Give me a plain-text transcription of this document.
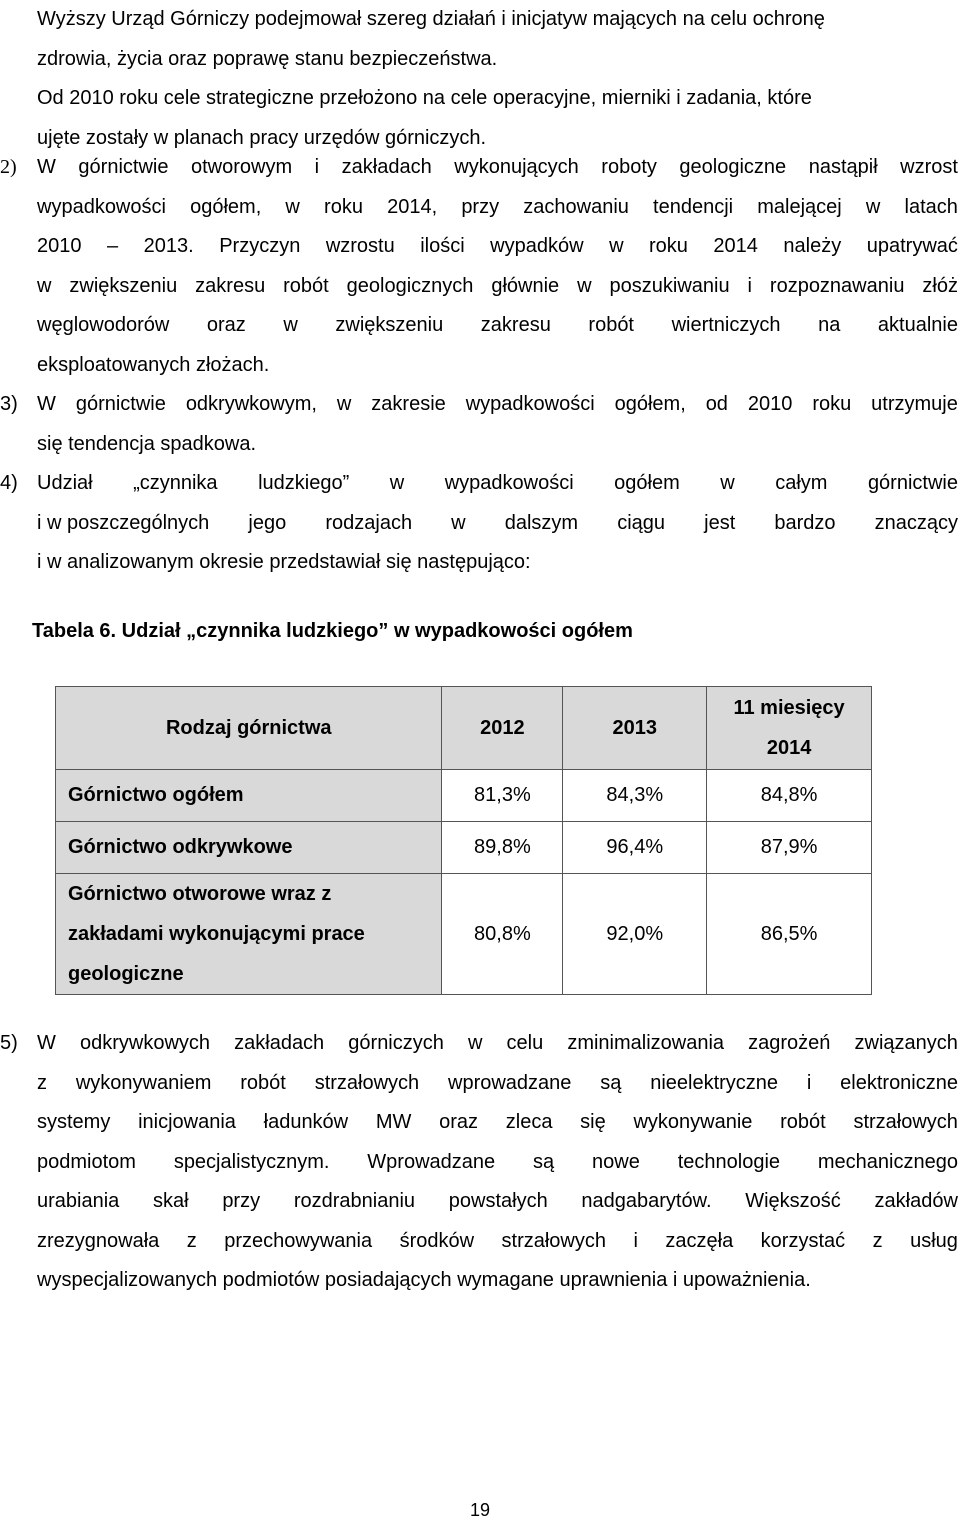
Wyższy Urząd Górniczy podejmował szereg działań i inicjatyw mających na celu ochronę
zdrowia, życia oraz poprawę stanu bezpieczeństwa.
Od 2010 roku cele strategiczne przełożono na cele operacyjne, mierniki i zadania, które
ujęte zostały w planach pracy urzędów górniczych.
2)	W górnictwie otworowym i zakładach wykonujących roboty geologiczne nastąpił wzrost
wypadkowości ogółem, w roku 2014, przy zachowaniu tendencji malejącej w latach
2010 – 2013. Przyczyn wzrostu ilości wypadków w roku 2014 należy upatrywać
w zwiększeniu zakresu robót geologicznych głównie w poszukiwaniu i rozpoznawaniu złóż
węglowodorów oraz w zwiększeniu zakresu robót wiertniczych na aktualnie
eksploatowanych złożach.
3) W górnictwie odkrywkowym, w zakresie wypadkowości ogółem, od 2010 roku utrzymuje
się tendencja spadkowa.
4) Udział „czynnika ludzkiego” w wypadkowości ogółem w całym górnictwie
i w poszczególnych jego rodzajach w dalszym ciągu jest bardzo znaczący
i w analizowanym okresie przedstawiał się następująco:
Tabela 6. Udział „czynnika ludzkiego” w wypadkowości ogółem
Rodzaj górnictwa	2012	2013	11 miesięcy
2014

Górnictwo ogółem	81,3%	84,3%	84,8%
Górnictwo odkrywkowe	89,8%	96,4%	87,9%

Górnictwo otworowe wraz z
zakładami wykonującymi prace
geologiczne	80,8%	92,0%	86,5%
5) W odkrywkowych zakładach górniczych w celu zminimalizowania zagrożeń związanych
z wykonywaniem robót strzałowych wprowadzane są nieelektryczne i elektroniczne
systemy inicjowania ładunków MW oraz zleca się wykonywanie robót strzałowych
podmiotom specjalistycznym. Wprowadzane są nowe technologie mechanicznego
urabiania skał przy rozdrabnianiu powstałych nadgabarytów. Większość zakładów
zrezygnowała z przechowywania środków strzałowych i zaczęła korzystać z usług
wyspecjalizowanych podmiotów posiadających wymagane uprawnienia i upoważnienia.
19
